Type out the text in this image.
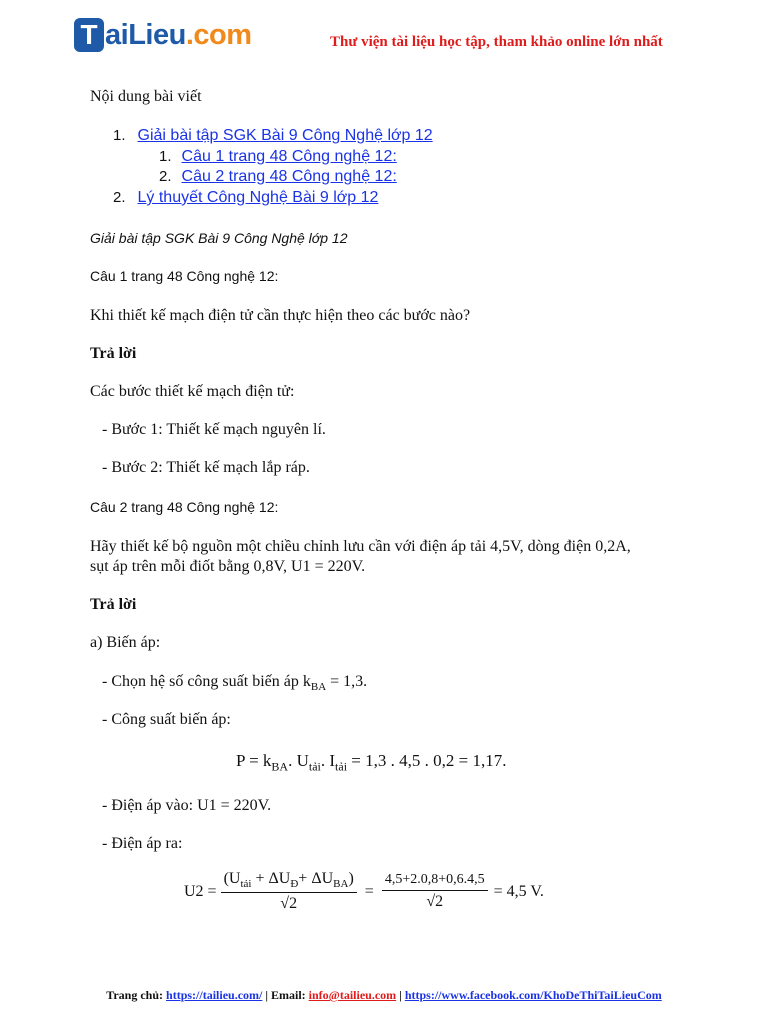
T aiLieu.com	Thư viện tài liệu học tập, tham khảo online lớn nhất
Nội dung bài viết
1. Giải bài tập SGK Bài 9 Công Nghệ lớp 12
1. Câu 1 trang 48 Công nghệ 12:
2. Câu 2 trang 48 Công nghệ 12:
2. Lý thuyết Công Nghệ Bài 9 lớp 12
Giải bài tập SGK Bài 9 Công Nghệ lớp 12
Câu 1 trang 48 Công nghệ 12:
Khi thiết kế mạch điện tử cần thực hiện theo các bước nào?
Trả lời
Các bước thiết kế mạch điện tử:
- Bước 1: Thiết kế mạch nguyên lí.
- Bước 2: Thiết kế mạch lắp ráp.
Câu 2 trang 48 Công nghệ 12:
Hãy thiết kế bộ nguồn một chiều chỉnh lưu cần với điện áp tải 4,5V, dòng điện 0,2A,
sụt áp trên mỗi điốt bằng 0,8V, U1 = 220V.
Trả lời
a) Biến áp:
- Chọn hệ số công suất biến áp $k_{BA} = 1,3$.
- Công suất biến áp:
$P = k_{BA}$. $U_{tải}$. $I_{tải} = 1,3$ . 4,5 . 0,2 = 1,17.
- Điện áp vào: U1 = 220V.
- Điện áp ra:
$U2 = \frac{(U_{tải} + \Delta U_Đ+ \Delta U_{BA})}{√2} = \frac{4,5+2.0,8+0,6.4,5}{√2} = 4,5$ V.
Trang chủ: https://tailieu.com/ | Email: info@tailieu.com | https://www.facebook.com/KhoDeThiTaiLieuCom
